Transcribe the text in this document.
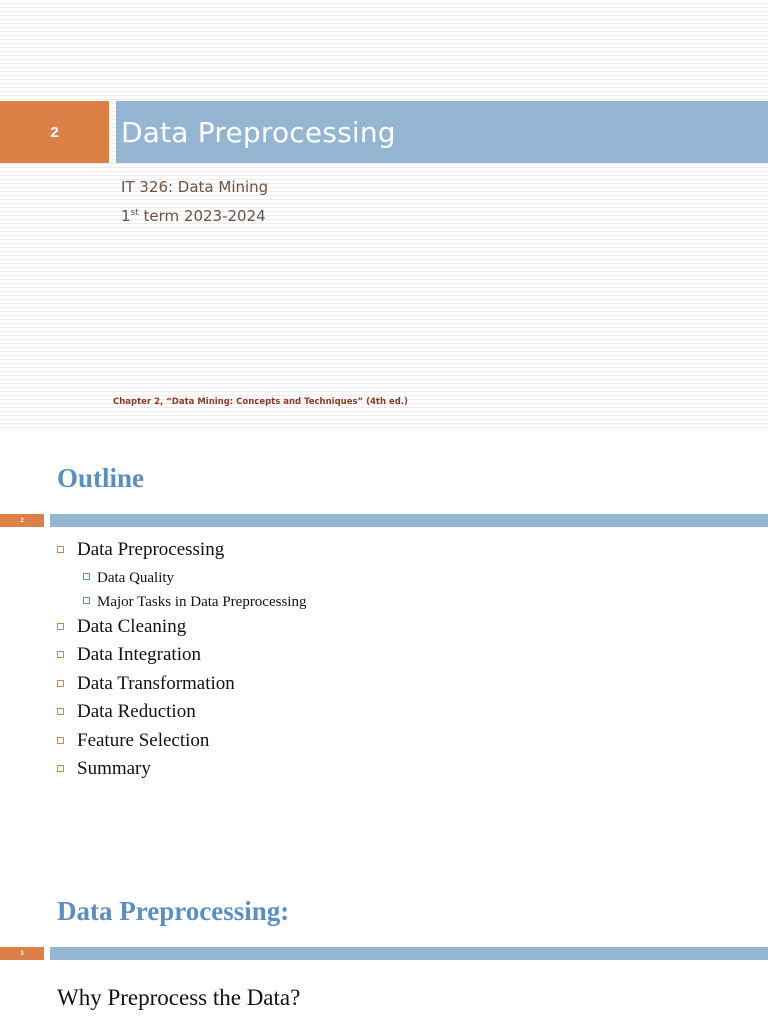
2	Data Preprocessing
IT 326: Data Mining
1st term 2023-2024
Chapter 2, “Data Mining: Concepts and Techniques” (4th ed.)
Outline
2
Data Preprocessing
Data Quality
Major Tasks in Data Preprocessing
Data Cleaning
Data Integration
Data Transformation
Data Reduction
Feature Selection
Summary
Data Preprocessing:
3
Why Preprocess the Data?
